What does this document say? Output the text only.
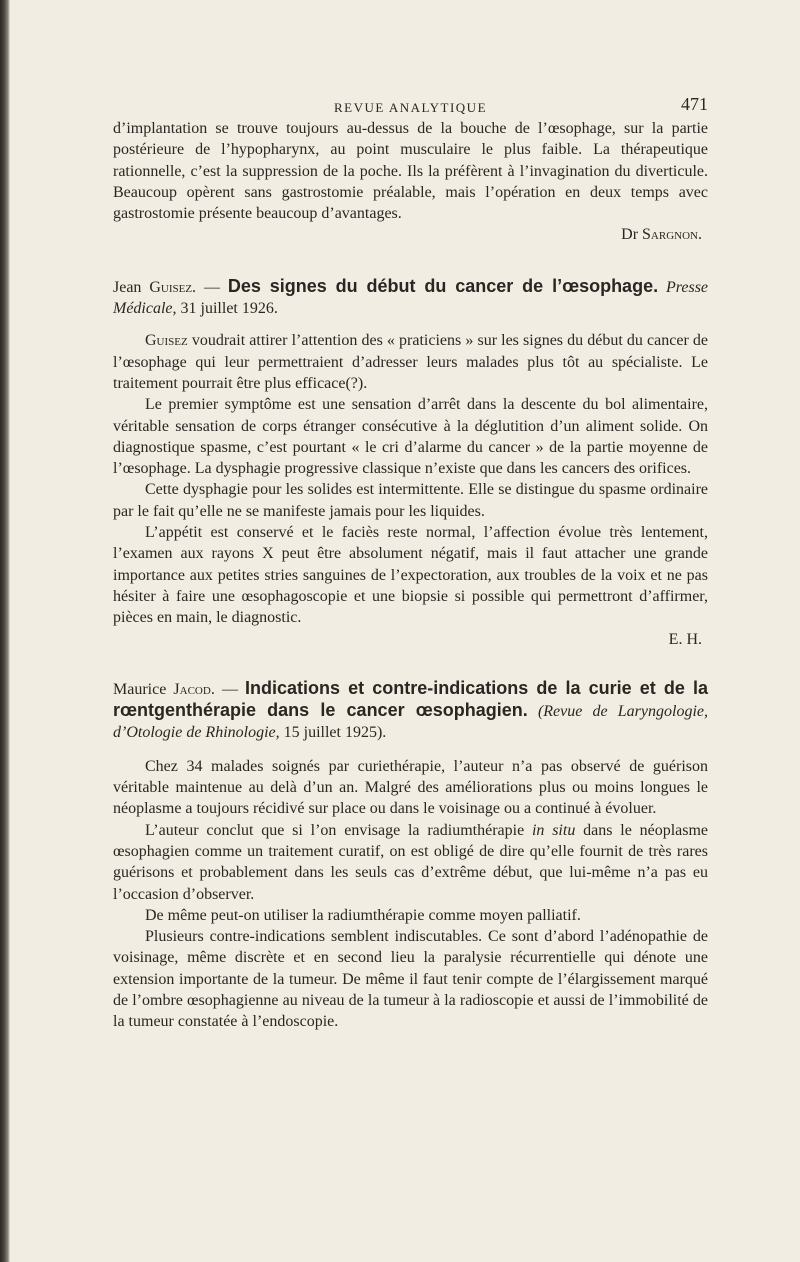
REVUE ANALYTIQUE	471

d’implantation se trouve toujours au-dessus de la bouche de l’œsophage, sur la partie postérieure de l’hypopharynx, au point musculaire le plus faible. La thérapeutique rationnelle, c’est la suppression de la poche. Ils la préfèrent à l’invagination du diverticule. Beaucoup opèrent sans gastrostomie préalable, mais l’opération en deux temps avec gastrostomie présente beaucoup d’avantages.

Dr Sargnon.

Jean Guisez. — Des signes du début du cancer de l’œsophage. Presse Médicale, 31 juillet 1926.

Guisez voudrait attirer l’attention des « praticiens » sur les signes du début du cancer de l’œsophage qui leur permettraient d’adresser leurs malades plus tôt au spécialiste. Le traitement pourrait être plus efficace(?).

Le premier symptôme est une sensation d’arrêt dans la descente du bol alimentaire, véritable sensation de corps étranger consécutive à la déglutition d’un aliment solide. On diagnostique spasme, c’est pourtant « le cri d’alarme du cancer » de la partie moyenne de l’œsophage. La dysphagie progressive classique n’existe que dans les cancers des orifices.

Cette dysphagie pour les solides est intermittente. Elle se distingue du spasme ordinaire par le fait qu’elle ne se manifeste jamais pour les liquides.

L’appétit est conservé et le faciès reste normal, l’affection évolue très lentement, l’examen aux rayons X peut être absolument négatif, mais il faut attacher une grande importance aux petites stries sanguines de l’expectoration, aux troubles de la voix et ne pas hésiter à faire une œsophagoscopie et une biopsie si possible qui permettront d’affirmer, pièces en main, le diagnostic.

E. H.

Maurice Jacod. — Indications et contre-indications de la curie et de la rœntgenthérapie dans le cancer œsophagien. (Revue de Laryngologie, d’Otologie de Rhinologie, 15 juillet 1925).

Chez 34 malades soignés par curiethérapie, l’auteur n’a pas observé de guérison véritable maintenue au delà d’un an. Malgré des améliorations plus ou moins longues le néoplasme a toujours récidivé sur place ou dans le voisinage ou a continué à évoluer.

L’auteur conclut que si l’on envisage la radiumthérapie in situ dans le néoplasme œsophagien comme un traitement curatif, on est obligé de dire qu’elle fournit de très rares guérisons et probablement dans les seuls cas d’extrême début, que lui-même n’a pas eu l’occasion d’observer.

De même peut-on utiliser la radiumthérapie comme moyen palliatif.

Plusieurs contre-indications semblent indiscutables. Ce sont d’abord l’adénopathie de voisinage, même discrète et en second lieu la paralysie récurrentielle qui dénote une extension importante de la tumeur. De même il faut tenir compte de l’élargissement marqué de l’ombre œsophagienne au niveau de la tumeur à la radioscopie et aussi de l’immobilité de la tumeur constatée à l’endoscopie.
